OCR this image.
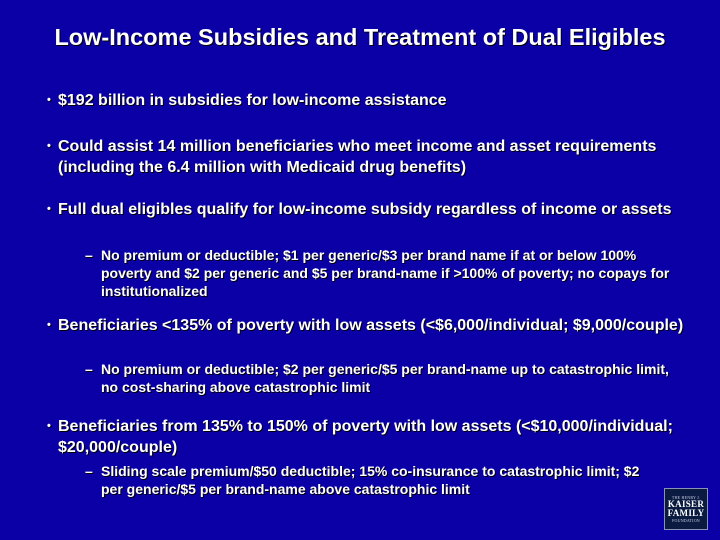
Low-Income Subsidies and Treatment of Dual Eligibles
• $192 billion in subsidies for low-income assistance
• Could assist 14 million beneficiaries who meet income and asset requirements (including the 6.4 million with Medicaid drug benefits)
• Full dual eligibles qualify for low-income subsidy regardless of income or assets
– No premium or deductible; $1 per generic/$3 per brand name if at or below 100% poverty and $2 per generic and $5 per brand-name if >100% of poverty; no copays for institutionalized
• Beneficiaries <135% of poverty with low assets (<$6,000/individual; $9,000/couple)
– No premium or deductible; $2 per generic/$5 per brand-name up to catastrophic limit, no cost-sharing above catastrophic limit
• Beneficiaries from 135% to 150% of poverty with low assets (<$10,000/individual; $20,000/couple)
– Sliding scale premium/$50 deductible; 15% co-insurance to catastrophic limit; $2 per generic/$5 per brand-name above catastrophic limit
THE HENRY J.
KAISER
FAMILY
FOUNDATION
